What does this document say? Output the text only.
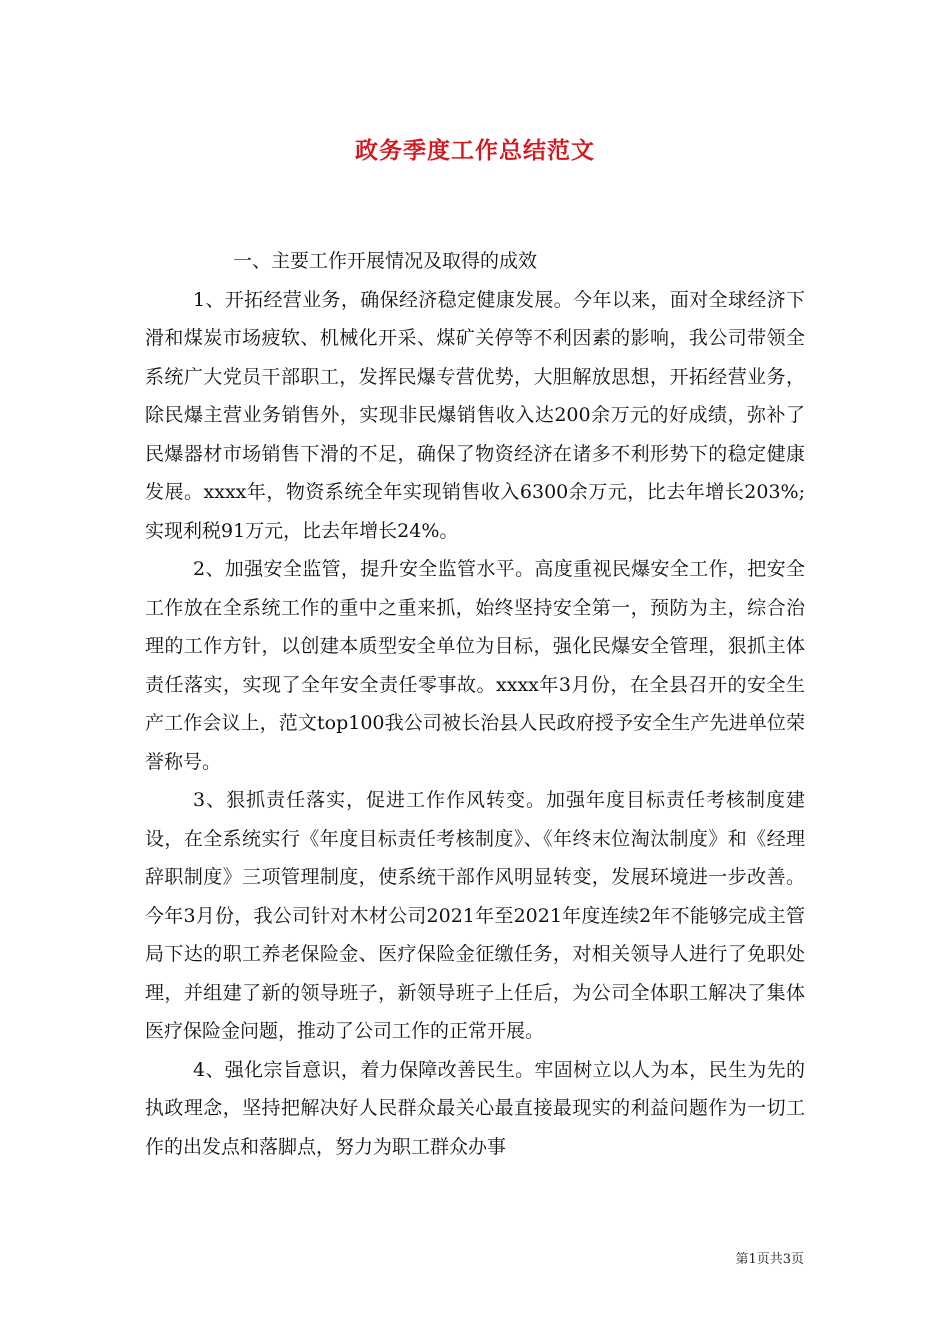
政务季度工作总结范文

一、主要工作开展情况及取得的成效

1、开拓经营业务，确保经济稳定健康发展。今年以来，面对全球经济下滑和煤炭市场疲软、机械化开采、煤矿关停等不利因素的影响，我公司带领全系统广大党员干部职工，发挥民爆专营优势，大胆解放思想，开拓经营业务，除民爆主营业务销售外，实现非民爆销售收入达200余万元的好成绩，弥补了民爆器材市场销售下滑的不足，确保了物资经济在诸多不利形势下的稳定健康发展。xxxx年，物资系统全年实现销售收入6300余万元，比去年增长203%;实现利税91万元，比去年增长24%。

2、加强安全监管，提升安全监管水平。高度重视民爆安全工作，把安全工作放在全系统工作的重中之重来抓，始终坚持安全第一，预防为主，综合治理的工作方针，以创建本质型安全单位为目标，强化民爆安全管理，狠抓主体责任落实，实现了全年安全责任零事故。xxxx年3月份，在全县召开的安全生产工作会议上，范文top100我公司被长治县人民政府授予安全生产先进单位荣誉称号。

3、狠抓责任落实，促进工作作风转变。加强年度目标责任考核制度建设，在全系统实行《年度目标责任考核制度》、《年终末位淘汰制度》和《经理辞职制度》三项管理制度，使系统干部作风明显转变，发展环境进一步改善。今年3月份，我公司针对木材公司2021年至2021年度连续2年不能够完成主管局下达的职工养老保险金、医疗保险金征缴任务，对相关领导人进行了免职处理，并组建了新的领导班子，新领导班子上任后，为公司全体职工解决了集体医疗保险金问题，推动了公司工作的正常开展。

4、强化宗旨意识，着力保障改善民生。牢固树立以人为本，民生为先的执政理念，坚持把解决好人民群众最关心最直接最现实的利益问题作为一切工作的出发点和落脚点，努力为职工群众办事

第1页共3页
